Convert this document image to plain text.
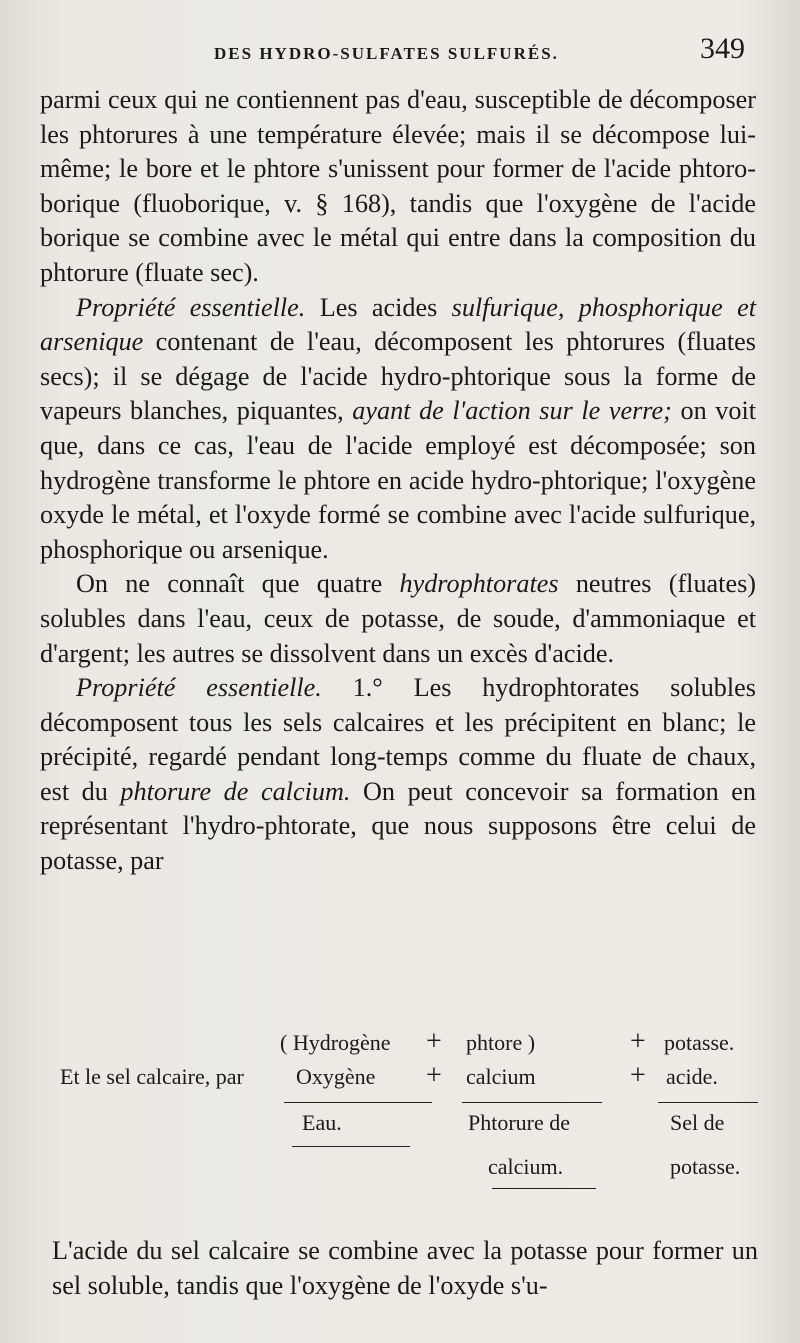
DES HYDRO-SULFATES SULFURÉS.	349

parmi ceux qui ne contiennent pas d'eau, susceptible de décomposer les phtorures à une température élevée; mais il se décompose lui-même; le bore et le phtore s'unissent pour former de l'acide phtoro-borique (fluoborique, v. § 168), tandis que l'oxygène de l'acide borique se combine avec le métal qui entre dans la composition du phtorure (fluate sec).

Propriété essentielle. Les acides sulfurique, phosphorique et arsenique contenant de l'eau, décomposent les phtorures (fluates secs); il se dégage de l'acide hydro-phtorique sous la forme de vapeurs blanches, piquantes, ayant de l'action sur le verre; on voit que, dans ce cas, l'eau de l'acide employé est décomposée; son hydrogène transforme le phtore en acide hydro-phtorique; l'oxygène oxyde le métal, et l'oxyde formé se combine avec l'acide sulfurique, phosphorique ou arsenique.

On ne connaît que quatre hydrophtorates neutres (fluates) solubles dans l'eau, ceux de potasse, de soude, d'ammoniaque et d'argent; les autres se dissolvent dans un excès d'acide.

Propriété essentielle. 1.° Les hydrophtorates solubles décomposent tous les sels calcaires et les précipitent en blanc; le précipité, regardé pendant long-temps comme du fluate de chaux, est du phtorure de calcium. On peut concevoir sa formation en représentant l'hydro-phtorate, que nous supposons être celui de potasse, par

( Hydrogène + phtore )	+ potasse.
Et le sel calcaire, par Oxygène + calcium	+ acide.
Eau.	Phtorure de
calcium.
Sel de
potasse.

L'acide du sel calcaire se combine avec la potasse pour former un sel soluble, tandis que l'oxygène de l'oxyde s'u-
